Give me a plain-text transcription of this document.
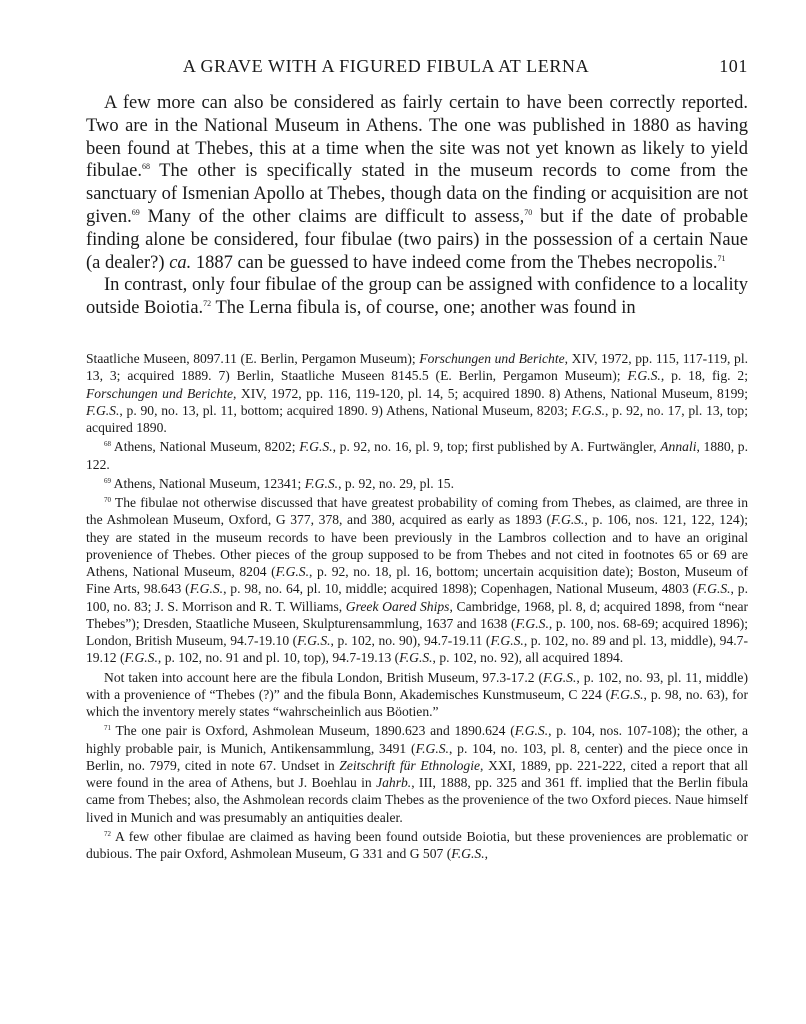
A GRAVE WITH A FIGURED FIBULA AT LERNA	101

A few more can also be considered as fairly certain to have been correctly reported. Two are in the National Museum in Athens. The one was published in 1880 as having been found at Thebes, this at a time when the site was not yet known as likely to yield fibulae.$^{68}$ The other is specifically stated in the museum records to come from the sanctuary of Ismenian Apollo at Thebes, though data on the finding or acquisition are not given.$^{69}$ Many of the other claims are difficult to assess,$^{70}$ but if the date of probable finding alone be considered, four fibulae (two pairs) in the possession of a certain Naue (a dealer?) ca. 1887 can be guessed to have indeed come from the Thebes necropolis.$^{71}$

In contrast, only four fibulae of the group can be assigned with confidence to a locality outside Boiotia.$^{72}$ The Lerna fibula is, of course, one; another was found in

Staatliche Museen, 8097.11 (E. Berlin, Pergamon Museum); Forschungen und Berichte, XIV, 1972, pp. 115, 117-119, pl. 13, 3; acquired 1889. 7) Berlin, Staatliche Museen 8145.5 (E. Berlin, Pergamon Museum); F.G.S., p. 18, fig. 2; Forschungen und Berichte, XIV, 1972, pp. 116, 119-120, pl. 14, 5; acquired 1890. 8) Athens, National Museum, 8199; F.G.S., p. 90, no. 13, pl. 11, bottom; acquired 1890. 9) Athens, National Museum, 8203; F.G.S., p. 92, no. 17, pl. 13, top; acquired 1890.

$^{68}$ Athens, National Museum, 8202; F.G.S., p. 92, no. 16, pl. 9, top; first published by A. Furtwängler, Annali, 1880, p. 122.

$^{69}$ Athens, National Museum, 12341; F.G.S., p. 92, no. 29, pl. 15.

$^{70}$ The fibulae not otherwise discussed that have greatest probability of coming from Thebes, as claimed, are three in the Ashmolean Museum, Oxford, G 377, 378, and 380, acquired as early as 1893 (F.G.S., p. 106, nos. 121, 122, 124); they are stated in the museum records to have been previously in the Lambros collection and to have an original provenience of Thebes. Other pieces of the group supposed to be from Thebes and not cited in footnotes 65 or 69 are Athens, National Museum, 8204 (F.G.S., p. 92, no. 18, pl. 16, bottom; uncertain acquisition date); Boston, Museum of Fine Arts, 98.643 (F.G.S., p. 98, no. 64, pl. 10, middle; acquired 1898); Copenhagen, National Museum, 4803 (F.G.S., p. 100, no. 83; J. S. Morrison and R. T. Williams, Greek Oared Ships, Cambridge, 1968, pl. 8, d; acquired 1898, from “near Thebes”); Dresden, Staatliche Museen, Skulpturensammlung, 1637 and 1638 (F.G.S., p. 100, nos. 68-69; acquired 1896); London, British Museum, 94.7-19.10 (F.G.S., p. 102, no. 90), 94.7-19.11 (F.G.S., p. 102, no. 89 and pl. 13, middle), 94.7-19.12 (F.G.S., p. 102, no. 91 and pl. 10, top), 94.7-19.13 (F.G.S., p. 102, no. 92), all acquired 1894.

Not taken into account here are the fibula London, British Museum, 97.3-17.2 (F.G.S., p. 102, no. 93, pl. 11, middle) with a provenience of “Thebes (?)” and the fibula Bonn, Akademisches Kunstmuseum, C 224 (F.G.S., p. 98, no. 63), for which the inventory merely states “wahrscheinlich aus Böotien.”

$^{71}$ The one pair is Oxford, Ashmolean Museum, 1890.623 and 1890.624 (F.G.S., p. 104, nos. 107-108); the other, a highly probable pair, is Munich, Antikensammlung, 3491 (F.G.S., p. 104, no. 103, pl. 8, center) and the piece once in Berlin, no. 7979, cited in note 67. Undset in Zeitschrift für Ethnologie, XXI, 1889, pp. 221-222, cited a report that all were found in the area of Athens, but J. Boehlau in Jahrb., III, 1888, pp. 325 and 361 ff. implied that the Berlin fibula came from Thebes; also, the Ashmolean records claim Thebes as the provenience of the two Oxford pieces. Naue himself lived in Munich and was presumably an antiquities dealer.

$^{72}$ A few other fibulae are claimed as having been found outside Boiotia, but these proveniences are problematic or dubious. The pair Oxford, Ashmolean Museum, G 331 and G 507 (F.G.S.,
